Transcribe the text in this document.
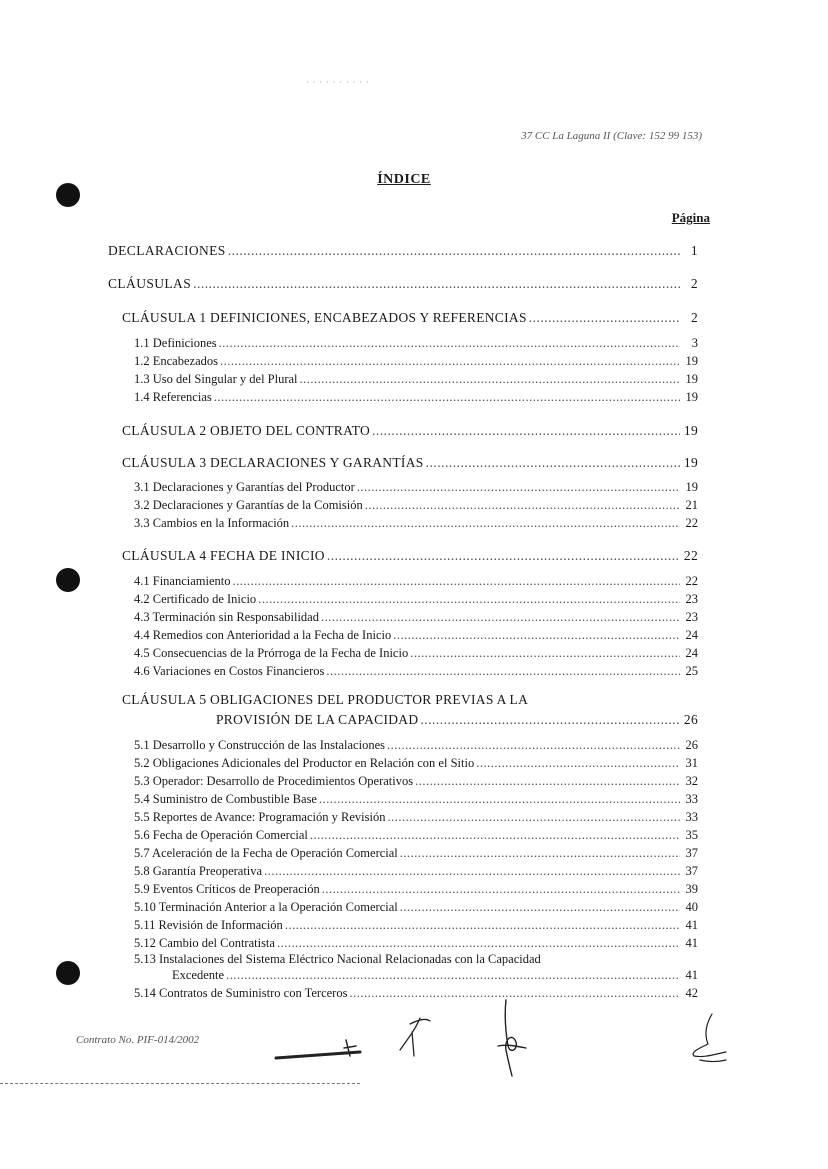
· · · · · · · · · ·
37 CC La Laguna II (Clave: 152 99 153)
ÍNDICE
Página
DECLARACIONES .....	1
CLÁUSULAS .....	2
CLÁUSULA 1 DEFINICIONES, ENCABEZADOS Y REFERENCIAS .....	2
1.1 Definiciones .....	3
1.2 Encabezados .....	19
1.3 Uso del Singular y del Plural .....	19
1.4 Referencias .....	19
CLÁUSULA 2 OBJETO DEL CONTRATO .....	19
CLÁUSULA 3 DECLARACIONES Y GARANTÍAS .....	19
3.1 Declaraciones y Garantías del Productor .....	19
3.2 Declaraciones y Garantías de la Comisión .....	21
3.3 Cambios en la Información .....	22
CLÁUSULA 4 FECHA DE INICIO .....	22
4.1 Financiamiento .....	22
4.2 Certificado de Inicio .....	23
4.3 Terminación sin Responsabilidad .....	23
4.4 Remedios con Anterioridad a la Fecha de Inicio .....	24
4.5 Consecuencias de la Prórroga de la Fecha de Inicio .....	24
4.6 Variaciones en Costos Financieros .....	25
CLÁUSULA 5 OBLIGACIONES DEL PRODUCTOR PREVIAS A LA
PROVISIÓN DE LA CAPACIDAD .....	26
5.1 Desarrollo y Construcción de las Instalaciones .....	26
5.2 Obligaciones Adicionales del Productor en Relación con el Sitio .....	31
5.3 Operador: Desarrollo de Procedimientos Operativos .....	32
5.4 Suministro de Combustible Base .....	33
5.5 Reportes de Avance: Programación y Revisión .....	33
5.6 Fecha de Operación Comercial .....	35
5.7 Aceleración de la Fecha de Operación Comercial .....	37
5.8 Garantía Preoperativa .....	37
5.9 Eventos Críticos de Preoperación .....	39
5.10 Terminación Anterior a la Operación Comercial .....	40
5.11 Revisión de Información .....	41
5.12 Cambio del Contratista .....	41
5.13 Instalaciones del Sistema Eléctrico Nacional Relacionadas con la Capacidad
Excedente .....	41
5.14 Contratos de Suministro con Terceros .....	42
Contrato No. PIF-014/2002
